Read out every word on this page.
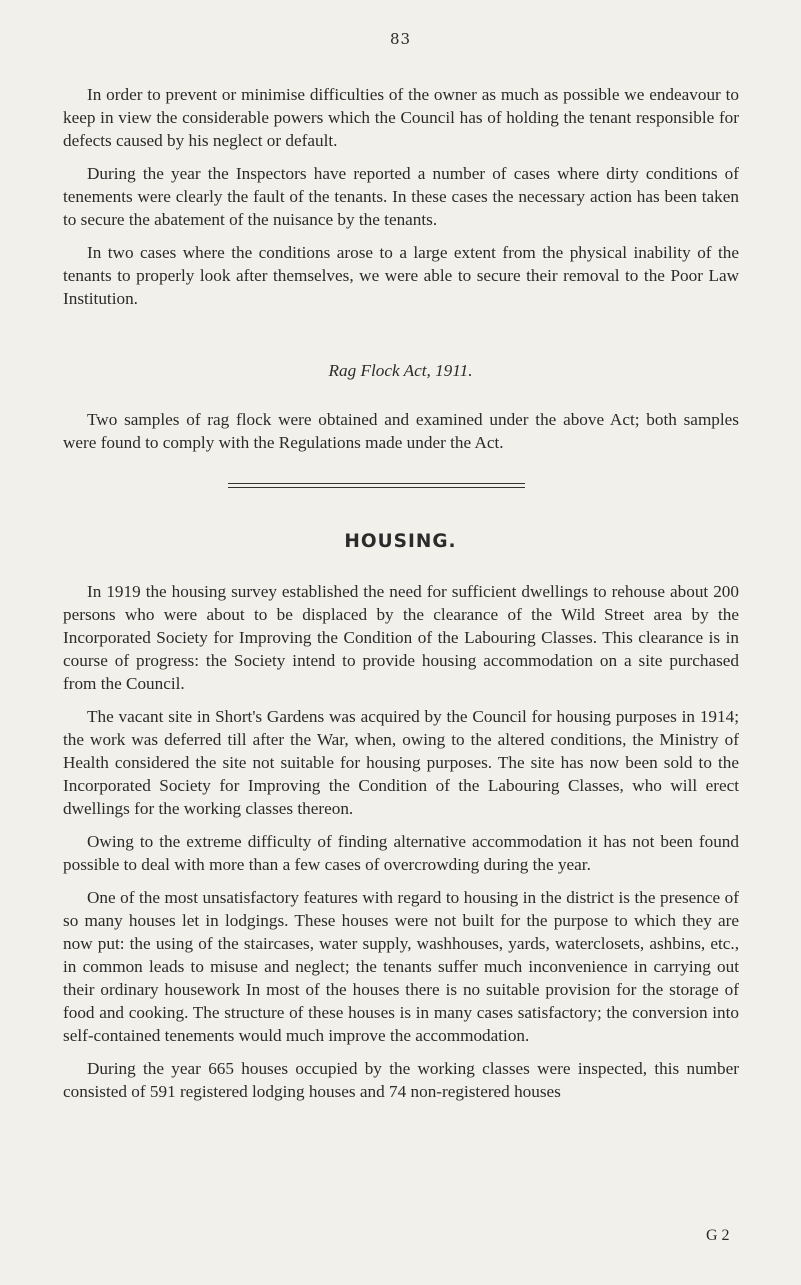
83

In order to prevent or minimise difficulties of the owner as much as possible we endeavour to keep in view the considerable powers which the Council has of holding the tenant responsible for defects caused by his neglect or default.

During the year the Inspectors have reported a number of cases where dirty conditions of tenements were clearly the fault of the tenants. In these cases the necessary action has been taken to secure the abatement of the nuisance by the tenants.

In two cases where the conditions arose to a large extent from the physical inability of the tenants to properly look after themselves, we were able to secure their removal to the Poor Law Institution.

Rag Flock Act, 1911.

Two samples of rag flock were obtained and examined under the above Act; both samples were found to comply with the Regulations made under the Act.

HOUSING.

In 1919 the housing survey established the need for sufficient dwellings to rehouse about 200 persons who were about to be displaced by the clearance of the Wild Street area by the Incorporated Society for Improving the Condition of the Labouring Classes. This clearance is in course of progress: the Society intend to provide housing accommodation on a site purchased from the Council.

The vacant site in Short's Gardens was acquired by the Council for housing purposes in 1914; the work was deferred till after the War, when, owing to the altered conditions, the Ministry of Health considered the site not suitable for housing purposes. The site has now been sold to the Incorporated Society for Improving the Condition of the Labouring Classes, who will erect dwellings for the working classes thereon.

Owing to the extreme difficulty of finding alternative accommodation it has not been found possible to deal with more than a few cases of overcrowding during the year.

One of the most unsatisfactory features with regard to housing in the district is the presence of so many houses let in lodgings. These houses were not built for the purpose to which they are now put: the using of the staircases, water supply, washhouses, yards, waterclosets, ashbins, etc., in common leads to misuse and neglect; the tenants suffer much inconvenience in carrying out their ordinary housework In most of the houses there is no suitable provision for the storage of food and cooking. The structure of these houses is in many cases satisfactory; the conversion into self-contained tenements would much improve the accommodation.

During the year 665 houses occupied by the working classes were inspected, this number consisted of 591 registered lodging houses and 74 non-registered houses

G 2
